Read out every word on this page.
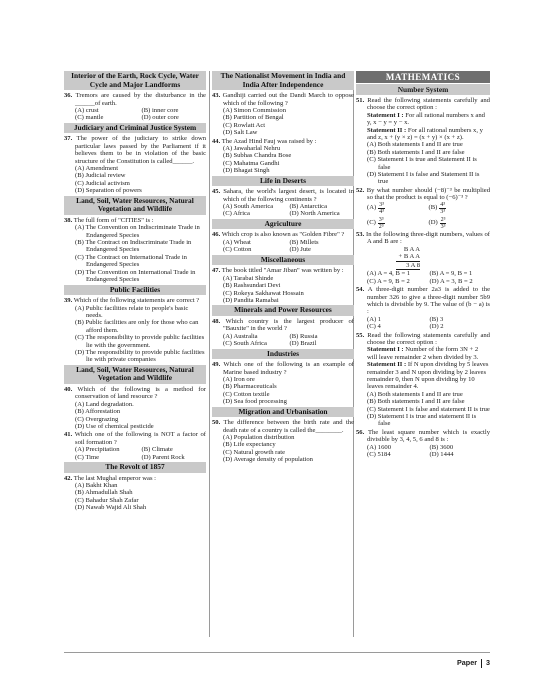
Interior of the Earth, Rock Cycle, Water Cycle and Major Landforms
36. Tremors are caused by the disturbance in the ______of earth.
(A) crust	(B) inner core
(C) mantle	(D) outer core
Judiciary and Criminal Justice System
37. The power of the judiciary to strike down particular laws passed by the Parliament if it believes them to be in violation of the basic structure of the Constitution is called______.
(A) Amendment
(B) Judicial review
(C) Judicial activism
(D) Separation of powers
Land, Soil, Water Resources, Natural Vegetation and Wildlife
38. The full form of "CITIES" is :
(A) The Convention on Indiscriminate Trade in Endangered Species
(B) The Contract on Indiscriminate Trade in Endangered Species
(C) The Contract on International Trade in Endangered Species
(D) The Convention on International Trade in Endangered Species
Public Facilities
39. Which of the following statements are correct ?
(A) Public facilities relate to people's basic needs.
(B) Public facilities are only for those who can afford them.
(C) The responsibility to provide public facilities lie with the government.
(D) The responsibility to provide public facilities lie with private companies
Land, Soil, Water Resources, Natural Vegetation and Wildlife
40. Which of the following is a method for conservation of land resource ?
(A) Land degradation.
(B) Afforestation
(C) Overgrazing
(D) Use of chemical pesticide
41. Which one of the following is NOT a factor of soil formation ?
(A) Precipitation	(B) Climate
(C) Time	(D) Parent Rock
The Revolt of 1857
42. The last Mughal emperor was :
(A) Bakht Khan
(B) Ahmadullah Shah
(C) Bahadur Shah Zafar
(D) Nawab Wajid Ali Shah
The Nationalist Movement in India and India After Independence
43. Gandhiji carried out the Dandi March to oppose which of the following ?
(A) Simon Commission
(B) Partition of Bengal
(C) Rowlatt Act
(D) Salt Law
44. The Azad Hind Fauj was raised by :
(A) Jawaharlal Nehru
(B) Subhas Chandra Bose
(C) Mahatma Gandhi
(D) Bhagat Singh
Life in Deserts
45. Sahara, the world's largest desert, is located in which of the following continents ?
(A) South America	(B) Antarctica
(C) Africa	(D) North America
Agriculture
46. Which crop is also known as "Golden Fibre" ?
(A) Wheat	(B) Millets
(C) Cotton	(D) Jute
Miscellaneous
47. The book titled "Amar Jiban" was written by :
(A) Tarabai Shinde
(B) Rashsundari Devi
(C) Rokeya Sakhawat Hossain
(D) Pandita Ramabai
Minerals and Power Resources
48. Which country is the largest producer of "Bauxite" in the world ?
(A) Australia	(B) Russia
(C) South Africa	(D) Brazil
Industries
49. Which one of the following is an example of Marine based industry ?
(A) Iron ore
(B) Pharmaceuticals
(C) Cotton textile
(D) Sea food processing
Migration and Urbanisation
50. The difference between the birth rate and the death rate of a country is called the________.
(A) Population distribution
(B) Life expectancy
(C) Natural growth rate
(D) Average density of population
MATHEMATICS
Number System
51. Read the following statements carefully and choose the correct option :
Statement I : For all rational numbers x and y, x − y = y − x.
Statement II : For all rational numbers x, y and z, x + (y × z) = (x + y) × (x + z).
(A) Both statements I and II are true
(B) Both statements I and II are false
(C) Statement I is true and Statement II is false
(D) Statement I is false and Statement II is true
52. By what number should (−8)⁻³ be multiplied so that the product is equal to (−6)⁻³ ?
$(A) \frac{\text{3³}}{\text{4³}}$	$(B) \frac{\text{4³}}{\text{3³}}$
$(C) \frac{\text{3³}}{\text{2³}}$	$(D) \frac{\text{2³}}{\text{3³}}$
53. In the following three-digit numbers, values of A and B are :
B A A
+ B A A
3 A 8
(A) A = 4, B = 1	(B) A = 9, B = 1
(C) A = 9, B = 2	(D) A = 3, B = 2
54. A three-digit number 2a3 is added to the number 326 to give a three-digit number 5b9 which is divisible by 9. The value of (b − a) is :
(A) 1	(B) 3
(C) 4	(D) 2
55. Read the following statements carefully and choose the correct option :
Statement I : Number of the form 3N + 2 will leave remainder 2 when divided by 3.
Statement II : If N upon dividing by 5 leaves remainder 3 and N upon dividing by 2 leaves remainder 0, then N upon dividing by 10 leaves remainder 4.
(A) Both statements I and II are true
(B) Both statements I and II are false
(C) Statement I is false and statement II is true
(D) Statement I is true and statement II is false
56. The least square number which is exactly divisible by 3, 4, 5, 6 and 8 is :
(A) 1600	(B) 3600
(C) 5184	(D) 1444
Paper 3
